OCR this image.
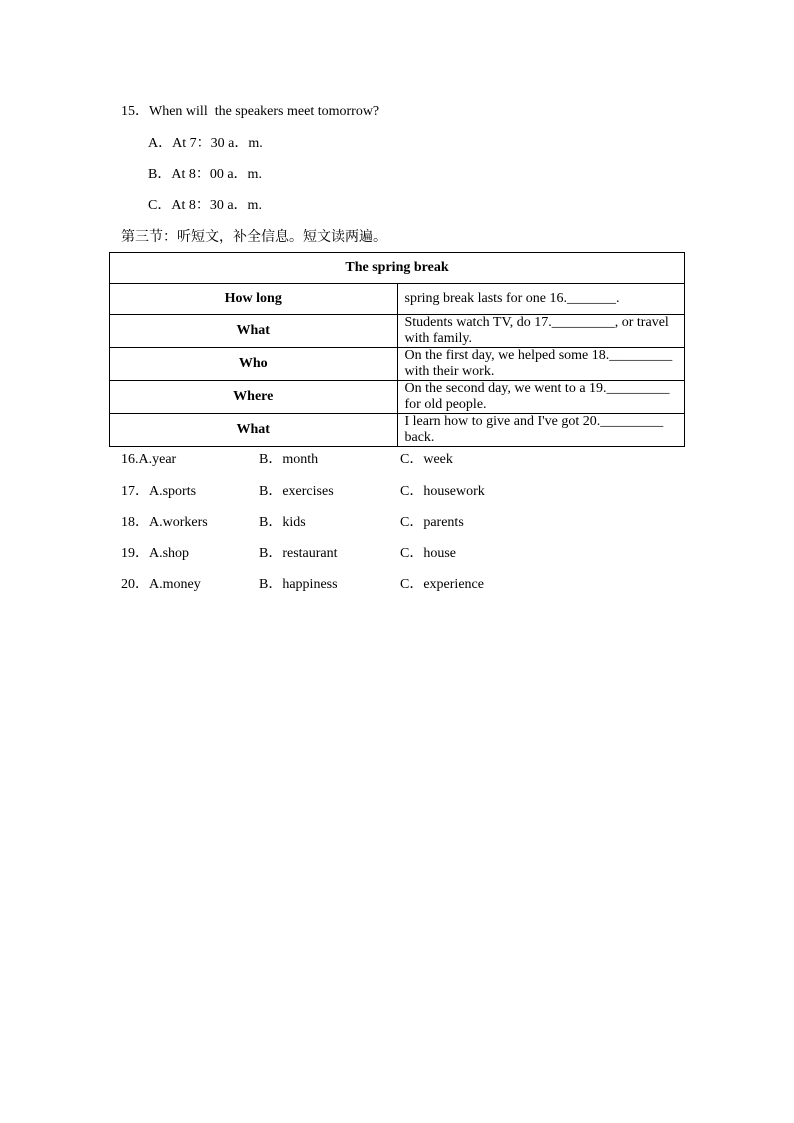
15．When will  the speakers meet tomorrow?
A．At 7：30 a．m.
B．At 8：00 a．m.
C．At 8：30 a．m.
第三节：听短文，补全信息。短文读两遍。
The spring break	
How long	spring break lasts for one 16._______.
What	Students watch TV, do 17._________, or travel with family.
Who	On the first day, we helped some 18._________ with their work.
Where	On the second day, we went to a 19._________ for old people.
What	I learn how to give and I've got 20._________ back.
16.A.year	B．month	C．week
17．A.sports	B．exercises	C．housework
18．A.workers	B．kids	C．parents
19．A.shop	B．restaurant	C．house
20．A.money	B．happiness	C．experience
